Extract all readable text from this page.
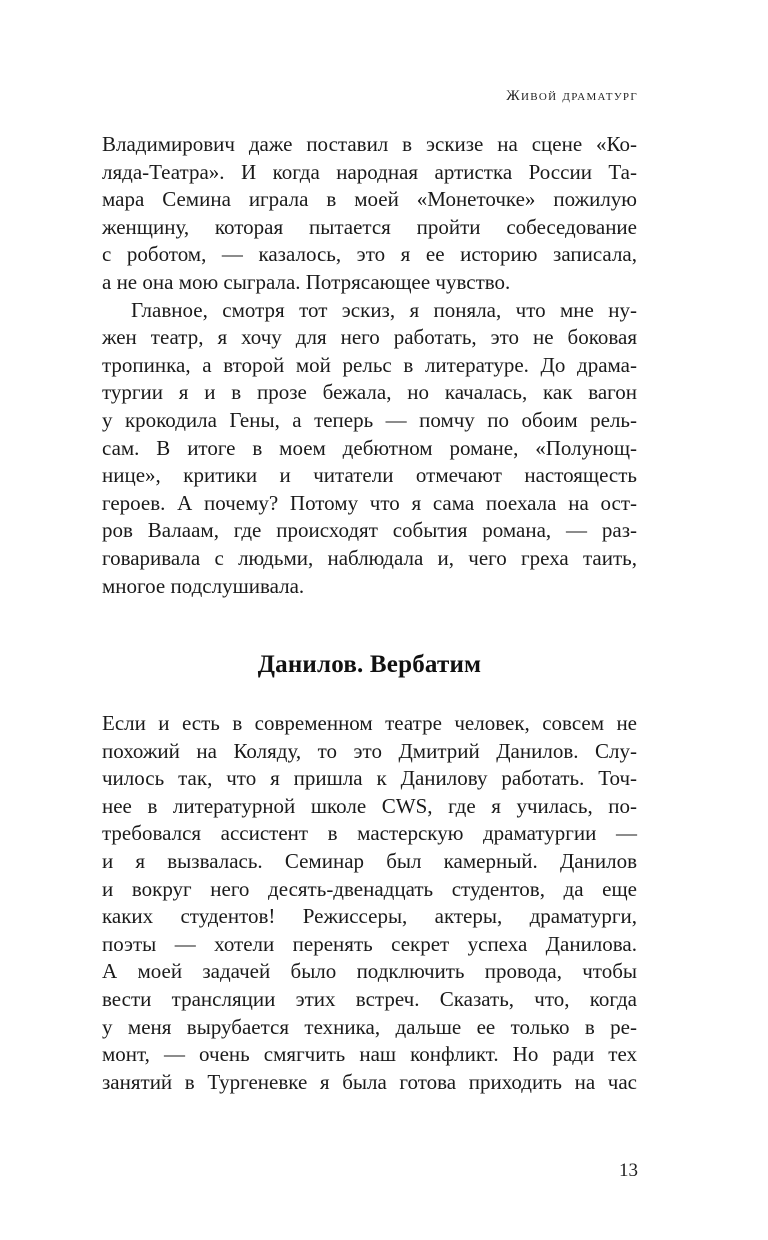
Живой драматург
Владимирович даже поставил в эскизе на сцене «Ко-
ляда-Театра». И когда народная артистка России Та-
мара Семина играла в моей «Монеточке» пожилую
женщину, которая пытается пройти собеседование
с роботом, — казалось, это я ее историю записала,
а не она мою сыграла. Потрясающее чувство.
Главное, смотря тот эскиз, я поняла, что мне ну-
жен театр, я хочу для него работать, это не боковая
тропинка, а второй мой рельс в литературе. До драма-
тургии я и в прозе бежала, но качалась, как вагон
у крокодила Гены, а теперь — помчу по обоим рель-
сам. В итоге в моем дебютном романе, «Полунощ-
нице», критики и читатели отмечают настоящесть
героев. А почему? Потому что я сама поехала на ост-
ров Валаам, где происходят события романа, — раз-
говаривала с людьми, наблюдала и, чего греха таить,
многое подслушивала.
Данилов. Вербатим
Если и есть в современном театре человек, совсем не
похожий на Коляду, то это Дмитрий Данилов. Слу-
чилось так, что я пришла к Данилову работать. Точ-
нее в литературной школе CWS, где я училась, по-
требовался ассистент в мастерскую драматургии —
и я вызвалась. Семинар был камерный. Данилов
и вокруг него десять-двенадцать студентов, да еще
каких студентов! Режиссеры, актеры, драматурги,
поэты — хотели перенять секрет успеха Данилова.
А моей задачей было подключить провода, чтобы
вести трансляции этих встреч. Сказать, что, когда
у меня вырубается техника, дальше ее только в ре-
монт, — очень смягчить наш конфликт. Но ради тех
занятий в Тургеневке я была готова приходить на час
13
